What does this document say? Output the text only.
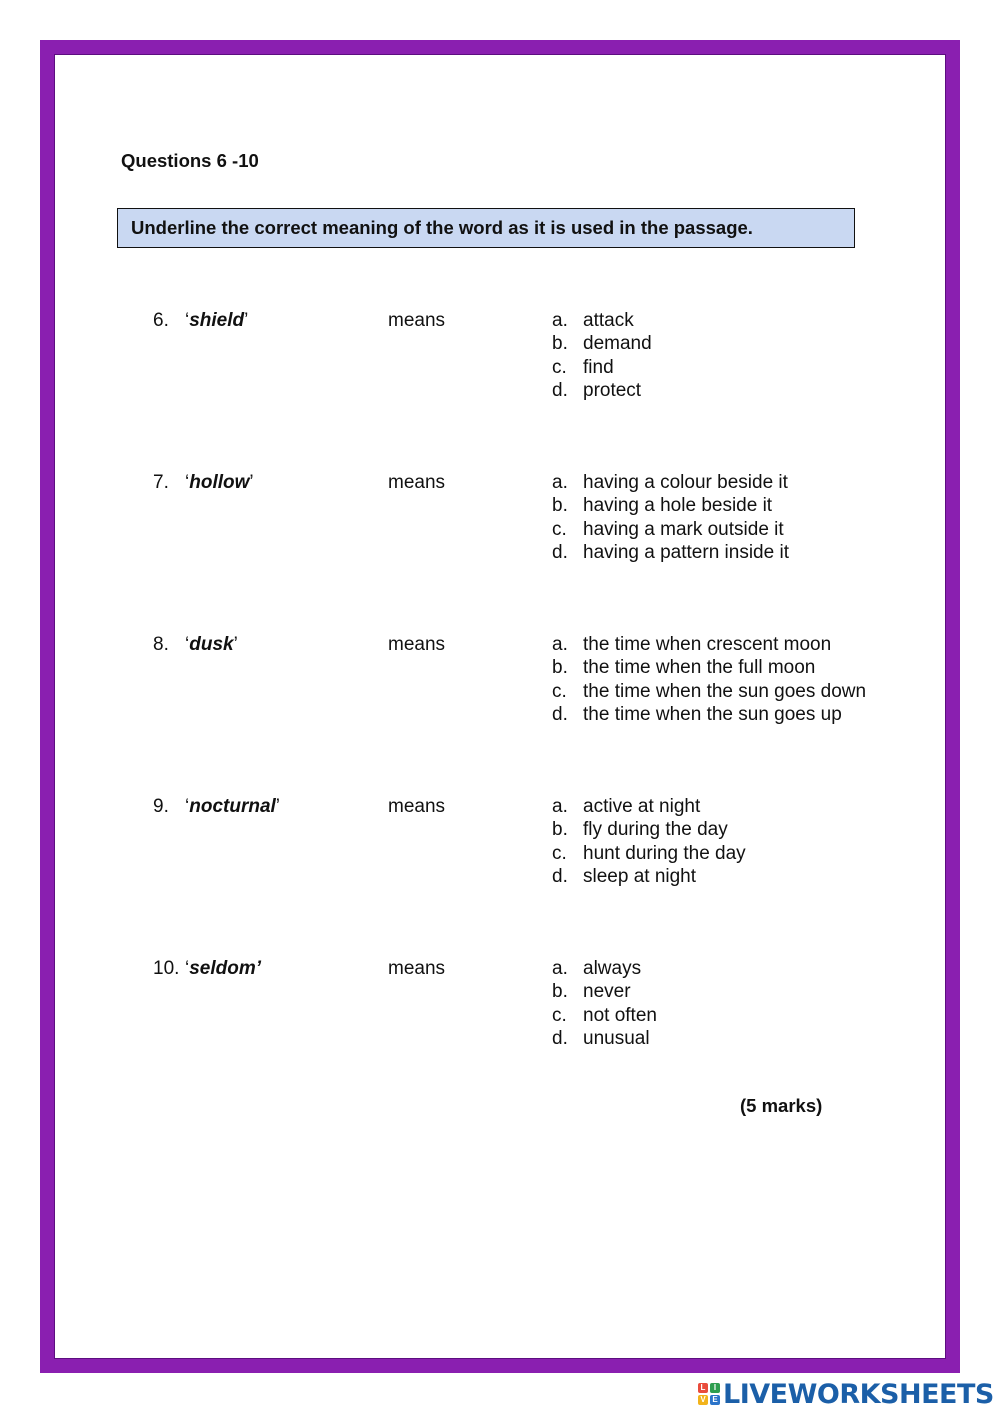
Questions 6 -10
Underline the correct meaning of the word as it is used in the passage.
6. ‘shield’	means	a. attack
b. demand
c. find
d. protect
7. ‘hollow’	means	a. having a colour beside it
b. having a hole beside it
c. having a mark outside it
d. having a pattern inside it
8. ‘dusk’	means	a. the time when crescent moon
b. the time when the full moon
c. the time when the sun goes down
d. the time when the sun goes up
9. ‘nocturnal’	means	a. active at night
b. fly during the day
c. hunt during the day
d. sleep at night
10. ‘seldom’	means	a. always
b. never
c. not often
d. unusual
(5 marks)
L	I
V E LIVEWORKSHEETS
